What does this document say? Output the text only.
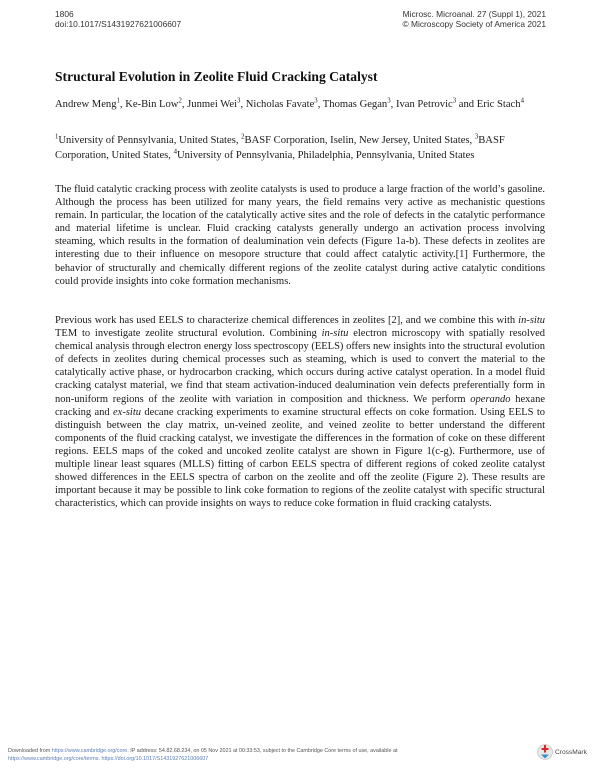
1806
doi:10.1017/S1431927621006607
Microsc. Microanal. 27 (Suppl 1), 2021
© Microscopy Society of America 2021
Structural Evolution in Zeolite Fluid Cracking Catalyst
Andrew Meng$^1$, Ke-Bin Low$^2$, Junmei Wei$^3$, Nicholas Favate$^3$, Thomas Gegan$^3$, Ivan Petrovic$^3$ and Eric Stach$^4$
$^1$University of Pennsylvania, United States, $^2$BASF Corporation, Iselin, New Jersey, United States, $^3$BASF Corporation, United States, $^4$University of Pennsylvania, Philadelphia, Pennsylvania, United States
The fluid catalytic cracking process with zeolite catalysts is used to produce a large fraction of the world’s gasoline. Although the process has been utilized for many years, the field remains very active as mechanistic questions remain. In particular, the location of the catalytically active sites and the role of defects in the catalytic performance and material lifetime is unclear. Fluid cracking catalysts generally undergo an activation process involving steaming, which results in the formation of dealumination vein defects (Figure 1a-b). These defects in zeolites are interesting due to their influence on mesopore structure that could affect catalytic activity.[1] Furthermore, the behavior of structurally and chemically different regions of the zeolite catalyst during active catalytic conditions could provide insights into coke formation mechanisms.
Previous work has used EELS to characterize chemical differences in zeolites [2], and we combine this with in-situ TEM to investigate zeolite structural evolution. Combining in-situ electron microscopy with spatially resolved chemical analysis through electron energy loss spectroscopy (EELS) offers new insights into the structural evolution of defects in zeolites during chemical processes such as steaming, which is used to convert the material to the catalytically active phase, or hydrocarbon cracking, which occurs during active catalyst operation. In a model fluid cracking catalyst material, we find that steam activation-induced dealumination vein defects preferentially form in non-uniform regions of the zeolite with variation in composition and thickness. We perform operando hexane cracking and ex-situ decane cracking experiments to examine structural effects on coke formation. Using EELS to distinguish between the clay matrix, un-veined zeolite, and veined zeolite to better understand the different components of the fluid cracking catalyst, we investigate the differences in the formation of coke on these different regions. EELS maps of the coked and uncoked zeolite catalyst are shown in Figure 1(c-g). Furthermore, use of multiple linear least squares (MLLS) fitting of carbon EELS spectra of different regions of coked zeolite catalyst showed differences in the EELS spectra of carbon on the zeolite and off the zeolite (Figure 2). These results are important because it may be possible to link coke formation to regions of the zeolite catalyst with specific structural characteristics, which can provide insights on ways to reduce coke formation in fluid cracking catalysts.
Downloaded from https://www.cambridge.org/core. IP address: 54.82.68.234, on 05 Nov 2021 at 00:33:53, subject to the Cambridge Core terms of use, available at
https://www.cambridge.org/core/terms. https://doi.org/10.1017/S1431927621006607
CrossMark
